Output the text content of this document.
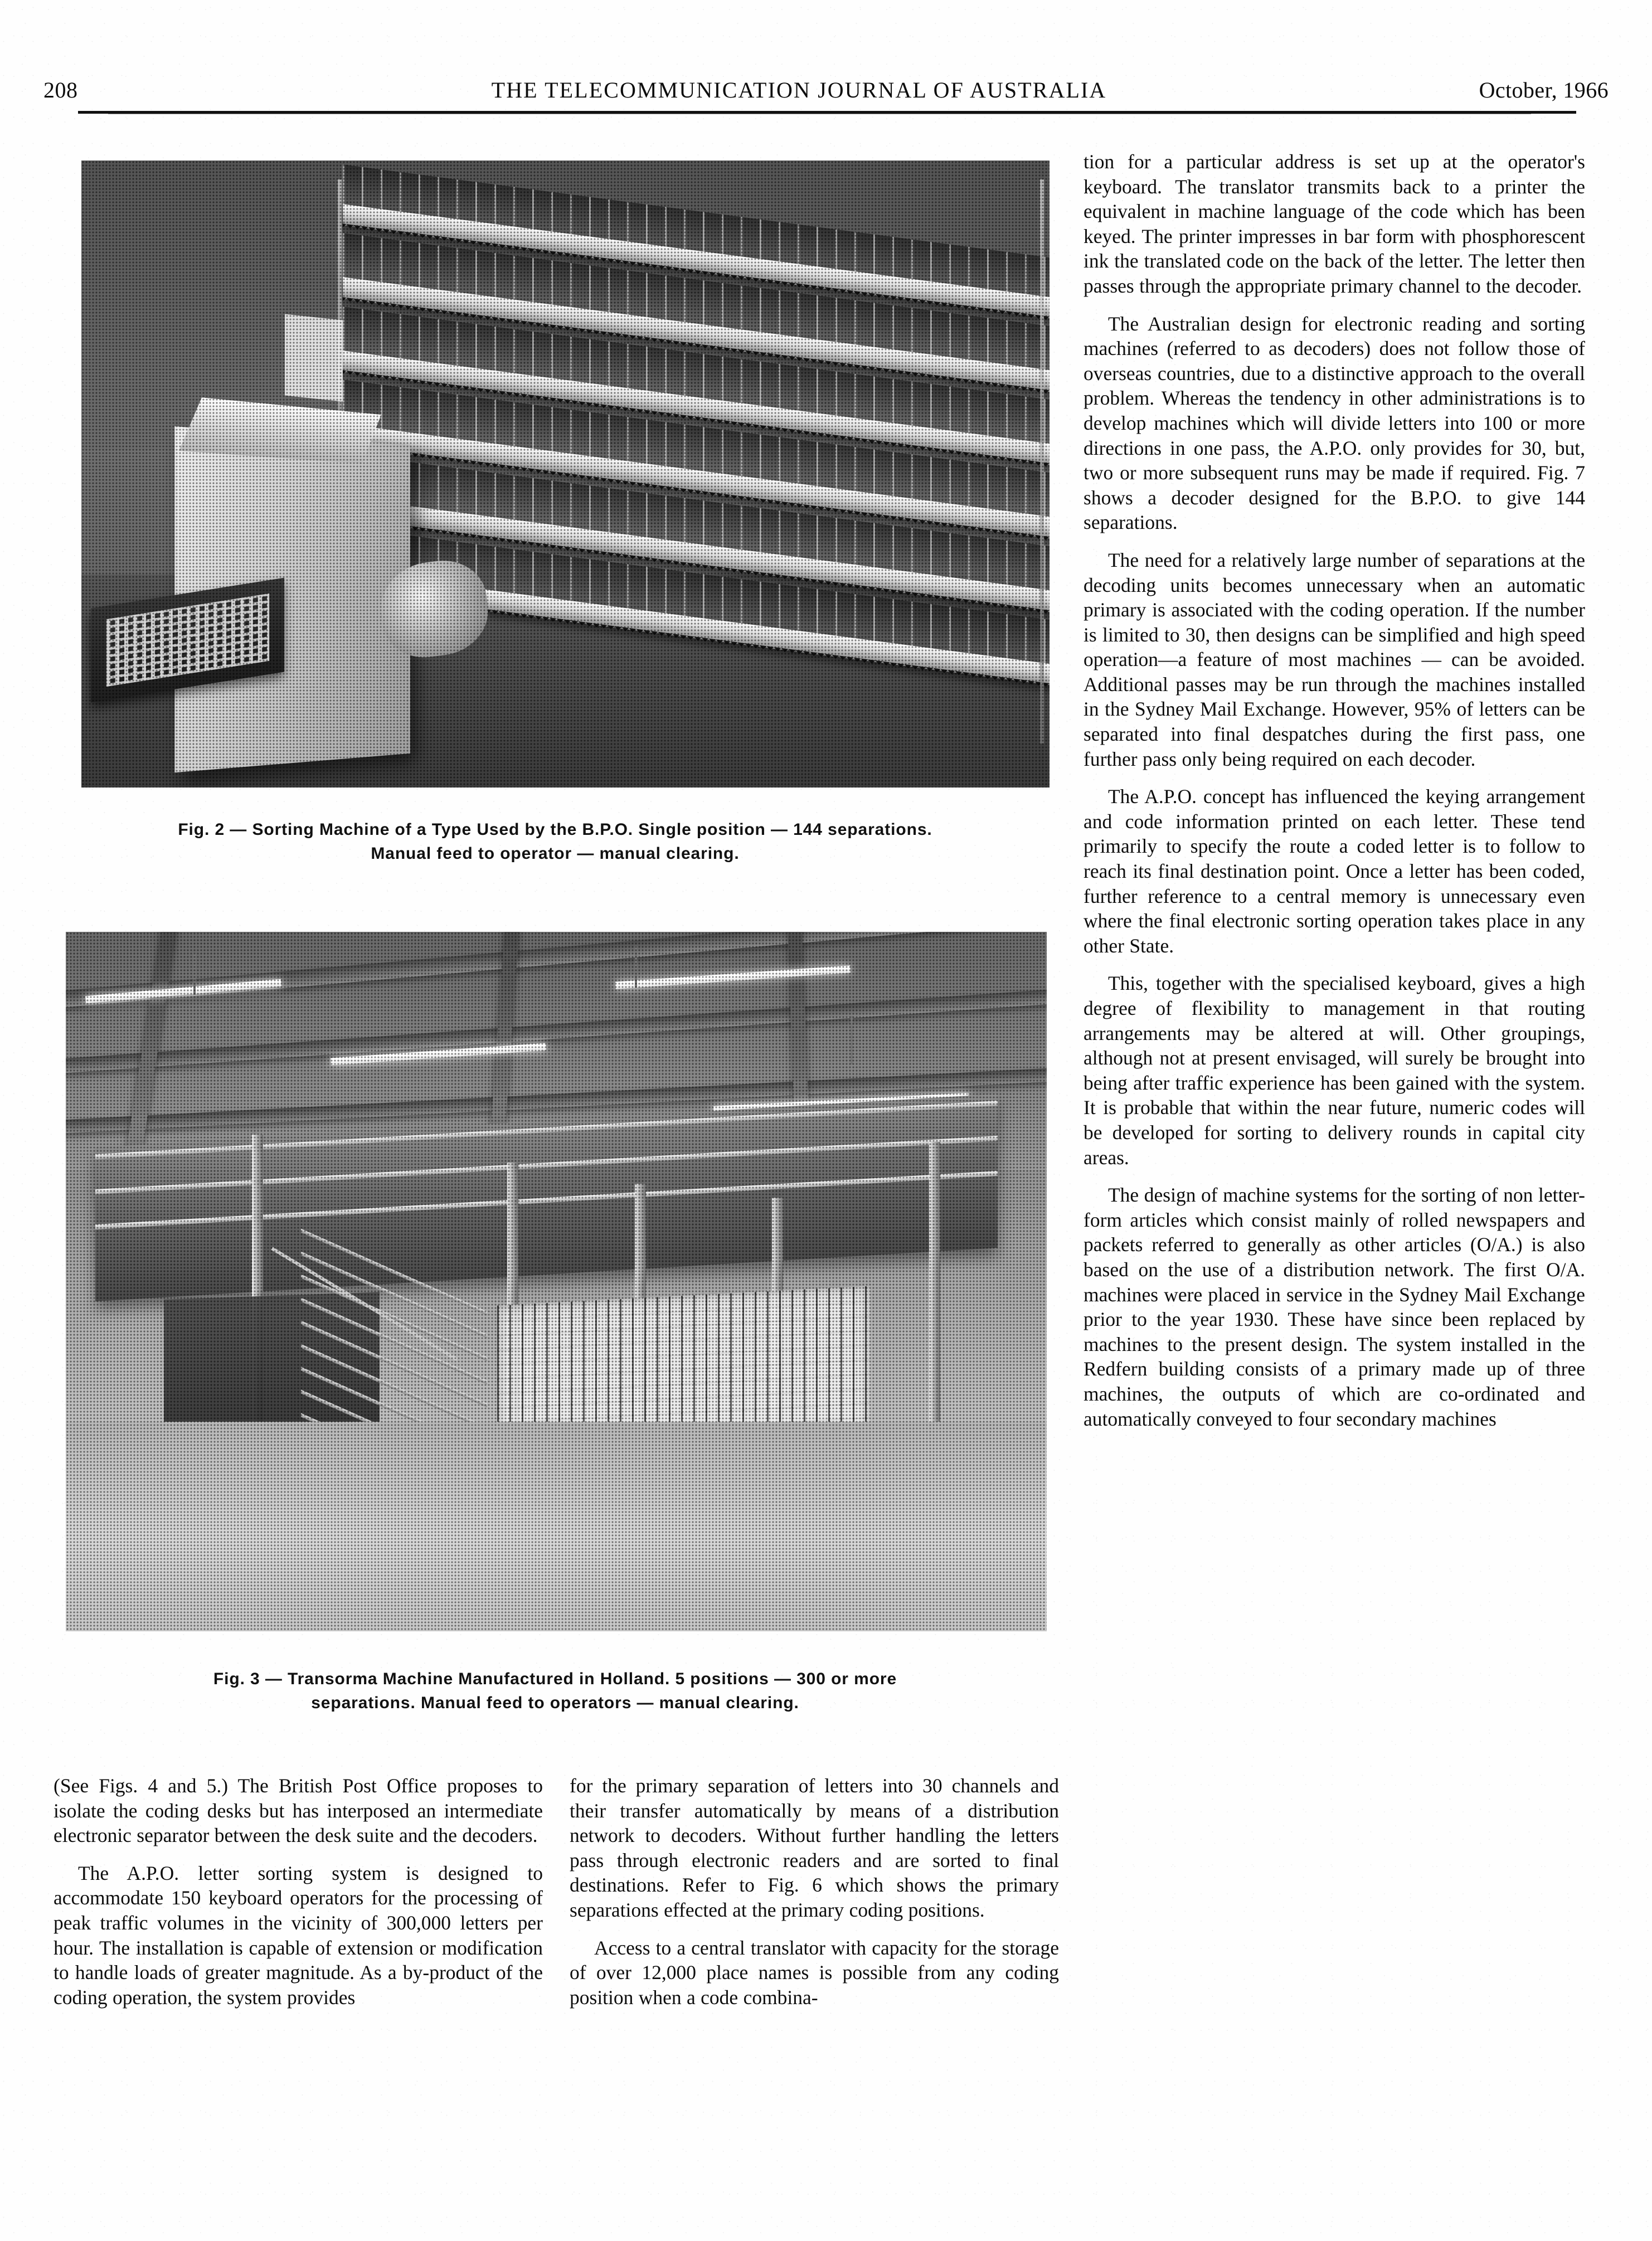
208	THE TELECOMMUNICATION JOURNAL OF AUSTRALIA	October, 1966
Fig. 2 — Sorting Machine of a Type Used by the B.P.O. Single position — 144 separations.
Manual feed to operator — manual clearing.
Fig. 3 — Transorma Machine Manufactured in Holland. 5 positions — 300 or more
separations. Manual feed to operators — manual clearing.

tion for a particular address is set up at the operator's keyboard. The translator transmits back to a printer the equivalent in machine language of the code which has been keyed. The printer impresses in bar form with phosphorescent ink the translated code on the back of the letter. The letter then passes through the appropriate primary channel to the decoder.

The Australian design for electronic reading and sorting machines (referred to as decoders) does not follow those of overseas countries, due to a distinctive approach to the overall problem. Whereas the tendency in other administrations is to develop machines which will divide letters into 100 or more directions in one pass, the A.P.O. only provides for 30, but, two or more subsequent runs may be made if required. Fig. 7 shows a decoder designed for the B.P.O. to give 144 separations.

The need for a relatively large number of separations at the decoding units becomes unnecessary when an automatic primary is associated with the coding operation. If the number is limited to 30, then designs can be simplified and high speed operation—a feature of most machines — can be avoided. Additional passes may be run through the machines installed in the Sydney Mail Exchange. However, 95% of letters can be separated into final despatches during the first pass, one further pass only being required on each decoder.

The A.P.O. concept has influenced the keying arrangement and code information printed on each letter. These tend primarily to specify the route a coded letter is to follow to reach its final destination point. Once a letter has been coded, further reference to a central memory is unnecessary even where the final electronic sorting operation takes place in any other State.

This, together with the specialised keyboard, gives a high degree of flexibility to management in that routing arrangements may be altered at will. Other groupings, although not at present envisaged, will surely be brought into being after traffic experience has been gained with the system. It is probable that within the near future, numeric codes will be developed for sorting to delivery rounds in capital city areas.

The design of machine systems for the sorting of non letter-form articles which consist mainly of rolled newspapers and packets referred to generally as other articles (O/A.) is also based on the use of a distribution network. The first O/A. machines were placed in service in the Sydney Mail Exchange prior to the year 1930. These have since been replaced by machines to the present design. The system installed in the Redfern building consists of a primary made up of three machines, the outputs of which are co-ordinated and automatically conveyed to four secondary machines

(See Figs. 4 and 5.) The British Post Office proposes to isolate the coding desks but has interposed an intermediate electronic separator between the desk suite and the decoders.

The A.P.O. letter sorting system is designed to accommodate 150 keyboard operators for the processing of peak traffic volumes in the vicinity of 300,000 letters per hour. The installation is capable of extension or modification to handle loads of greater magnitude. As a by-product of the coding operation, the system provides

for the primary separation of letters into 30 channels and their transfer automatically by means of a distribution network to decoders. Without further handling the letters pass through electronic readers and are sorted to final destinations. Refer to Fig. 6 which shows the primary separations effected at the primary coding positions.

Access to a central translator with capacity for the storage of over 12,000 place names is possible from any coding position when a code combina-
